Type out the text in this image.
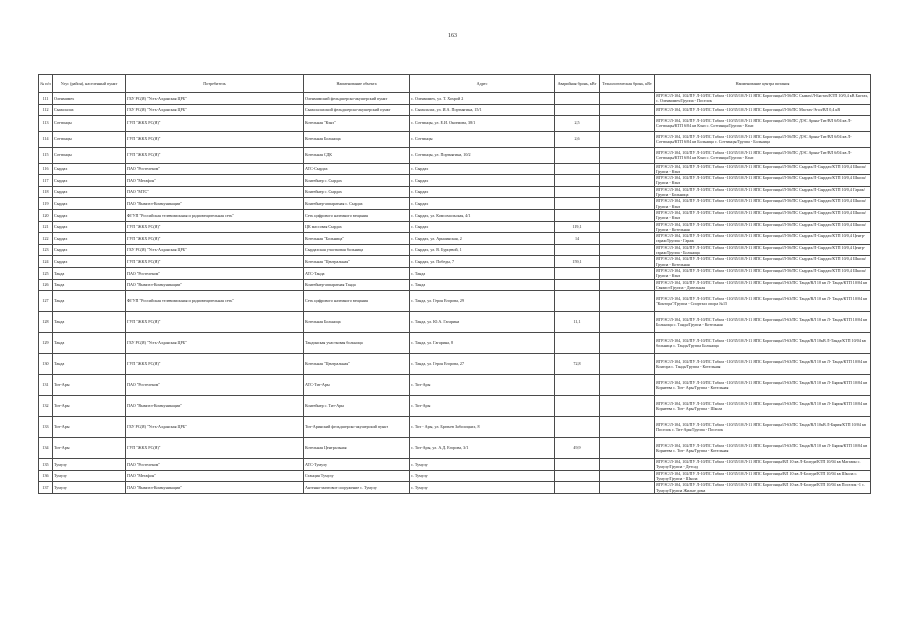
163
№ п/п	Улус (район), населенный пункт	Потребитель	Наименование объекта	Адрес	Аварийная бронь, кВт	Технологическая бронь, кВт	Наименование центра питания
111	Оленмимех	ГБУ РС(Я) "Усть-Алданская ЦРБ"	Оленмимский фельдшерско-акушерский пункт	с. Оленмимех, ул. Т. Хохрой 2			ЯГРЭС/Л-104, 102/ПУ Л-10/ПС Табага -110/35/10/Л-11 ЯПС Борогонцы/Л-56/ПС Сымах/Л-Бястах/КТП 10/0,4 кВ Бястах, с. Оленмимех/Группа - Поселок
112	Сымалалах	ГБУ РС(Я) "Усть-Алданская ЦРБ"	Сымалалахский фельдшерско-акушерский пункт	с. Сымалалах, ул. И.А. Портнягина, 15/1			ЯГРЭС/Л-104, 102/ПУ Л-10/ПС Табага -110/35/10/Л-11 ЯПС Борогонцы/Л-56/ПС Мастах-Эгол/ВЛ 0,4 кВ
113	Соттинцы	ГУП "ЖКХ РС(Я)"	Котельная "Кэнэ"	с. Соттинцы, ул. Е.И. Окоемова, 38/1	2,5		ЯГРЭС/Л-104, 102/ПУ Л-10/ПС Табага -110/35/10/Л-11 ЯПС Борогонцы/Л-56/ПС ДЭС Арыы-Тит/ВЛ 6/04 кв Л-Соттинцы/КТП 6/04 кв Кэнэ с. Соттинцы/Группа - Кэнэ
114	Соттинцы	ГУП "ЖКХ РС(Я)"	Котельная Больница	с. Соттинцы	2,6		ЯГРЭС/Л-104, 102/ПУ Л-10/ПС Табага -110/35/10/Л-11 ЯПС Борогонцы/Л-56/ПС ДЭС Арыы-Тит/ВЛ 6/04 кв Л-Соттинцы/КТП 6/04 кв Больница с. Соттинцы/Группа - Больница
115	Соттинцы	ГУП "ЖКХ РС(Я)"	Котельная СДК	с. Соттинцы, ул. Портнягина, 10/2			ЯГРЭС/Л-104, 102/ПУ Л-10/ПС Табага -110/35/10/Л-11 ЯПС Борогонцы/Л-56/ПС ДЭС Арыы-Тит/ВЛ 6/04 кв Л-Соттинцы/КТП 6/04 кв Кэнэ с. Соттинцы/Группа - Кэнэ
116	Сырдах	ПАО "Ростелеком"	АТС-Сырдах	с. Сырдах			ЯГРЭС/Л-104, 102/ПУ Л-10/ПС Табага -110/35/10/Л-11 ЯПС Борогонцы/Л-56/ПС Сырдах/Л-Сырдах/КТП 10/0,4 Школа/Группа - Кэнэ
117	Сырдах	ПАО "Мегафон"	Контейнер с. Сырдах	с. Сырдах			ЯГРЭС/Л-104, 102/ПУ Л-10/ПС Табага -110/35/10/Л-11 ЯПС Борогонцы/Л-56/ПС Сырдах/Л-Сырдах/КТП 10/0,4 Школа/Группа - Кэнэ
118	Сырдах	ПАО "МТС"	Контейнер с. Сырдах	с. Сырдах			ЯГРЭС/Л-104, 102/ПУ Л-10/ПС Табага -110/35/10/Л-11 ЯПС Борогонцы/Л-56/ПС Сырдах/Л-Сырдах/КТП 10/0,4 Гараж/Группа - Больница
119	Сырдах	ПАО "Вымпел-Коммуникации"	Контейнер-аппаратная с. Сырдах	с. Сырдах			ЯГРЭС/Л-104, 102/ПУ Л-10/ПС Табага -110/35/10/Л-11 ЯПС Борогонцы/Л-56/ПС Сырдах/Л-Сырдах/КТП 10/0,4 Школа/Группа - Кэнэ
120	Сырдах	ФГУП "Российская телевизионная и радиовещательная сеть"	Сеть цифрового наземного вещания	с. Сырдах, ул. Комсомольская, 4/1			ЯГРЭС/Л-104, 102/ПУ Л-10/ПС Табага -110/35/10/Л-11 ЯПС Борогонцы/Л-56/ПС Сырдах/Л-Сырдах/КТП 10/0,4 Школа/Группа - Кэнэ
121	Сырдах	ГУП "ЖКХ РС(Я)"	ЦК массовая Сырдах	с. Сырдах	119,1		ЯГРЭС/Л-104, 102/ПУ Л-10/ПС Табага -110/35/10/Л-11 ЯПС Борогонцы/Л-56/ПС Сырдах/Л-Сырдах/КТП 10/0,4 Школа/Группа - Котельная
122	Сырдах	ГУП "ЖКХ РС(Я)"	Котельная "Больница"	с. Сырдах, ул. Арыаинская, 2	14		ЯГРЭС/Л-104, 102/ПУ Л-10/ПС Табага -110/35/10/Л-11 ЯПС Борогонцы/Л-56/ПС Сырдах/Л-Сырдах/КТП 10/0,4 Центр-гараж/Группа - Гараж
123	Сырдах	ГБУ РС(Я) "Усть-Алданская ЦРБ"	Сырдахская участковая больница	с. Сырдах, ул. В. Бурцевой, 1			ЯГРЭС/Л-104, 102/ПУ Л-10/ПС Табага -110/35/10/Л-11 ЯПС Борогонцы/Л-56/ПС Сырдах/Л-Сырдах/КТП 10/0,4 Центр- гараж/Группа - Больница
124	Сырдах	ГУП "ЖКХ РС(Я)"	Котельная "Центральная"	с. Сырдах, ул. Победы, 7	159,1		ЯГРЭС/Л-104, 102/ПУ Л-10/ПС Табага -110/35/10/Л-11 ЯПС Борогонцы/Л-56/ПС Сырдах/Л-Сырдах/КТП 10/0,4 Школа/Группа - Котельная
125	Танда	ПАО "Ростелеком"	АТС-Танда	с. Танда			ЯГРЭС/Л-104, 102/ПУ Л-10/ПС Табага -110/35/10/Л-11 ЯПС Борогонцы/Л-56/ПС Сырдах/Л-Сырдах/КТП 10/0,4 Школа/Группа - Кэнэ
126	Танда	ПАО "Вымпел-Коммуникации"	Контейнер-аппаратная Танда	с. Танда			ЯГРЭС/Л-104, 102/ПУ Л-10/ПС Табага -110/35/10/Л-11 ЯПС Борогонцы/Л-63/ПС Танда/ВЛ 10 кв Л- Танда/КТП 10/04 кв Связист/Группа - Дизельная
127	Танда	ФГУП "Российская телевизионная и радиовещательная сеть"	Сеть цифрового наземного вещания	с. Танда, ул. Героя Егорова, 29			ЯГРЭС/Л-104, 102/ПУ Л-10/ПС Табага -110/35/10/Л-11 ЯПС Борогонцы/Л-63/ПС Танда/ВЛ 10 кв Л- Танда/КТП 10/04 кв "Контора"/Группа - Спортзал опора №15
128	Танда	ГУП "ЖКХ РС(Я)"	Котельная Больница	с. Танда, ул. Ю.А. Гагарина	11,1		ЯГРЭС/Л-104, 102/ПУ Л-10/ПС Табага -110/35/10/Л-11 ЯПС Борогонцы/Л-63/ПС Танда/ВЛ 10 кв Л- Танда/КТП 10/04 кв Больница с. Танда/Группа - Котельная
129	Танда	ГБУ РС(Я) "Усть-Алданская ЦРБ"	Тандинская участковая больница	с. Танда, ул. Гагарина, 8			ЯГРЭС/Л-104, 102/ПУ Л-10/ПС Табага -110/35/10/Л-11 ЯПС Борогонцы/Л-63/ПС Танда/ВЛ 10кВ Л-Танда/КТП 10/04 кв больница с. Танда/Группа Больница
130	Танда	ГУП "ЖКХ РС(Я)"	Котельная "Центральная"	с. Танда, ул. Героя Егорова, 27	72,8		ЯГРЭС/Л-104, 102/ПУ Л-10/ПС Табага -110/35/10/Л-11 ЯПС Борогонцы/Л-63/ПС Танда/ВЛ 10 кв Л- Танда/КТП 10/04 кв Контора с. Танда/Группа - Котельная
131	Тит-Ары	ПАО "Ростелеком"	АТС-Тит-Ары	с. Тит-Ары			ЯГРЭС/Л-104, 102/ПУ Л-10/ПС Табага -110/35/10/Л-11 ЯПС Борогонцы/Л-63/ПС Танда/ВЛ 10 кв Л- Бярия/КТП 10/04 кв Корнеева с. Тит- Ары/Группа - Котельная
132	Тит-Ары	ПАО "Вымпел-Коммуникации"	Контейнер с. Тит-Ары	с. Тит-Ары			ЯГРЭС/Л-104, 102/ПУ Л-10/ПС Табага -110/35/10/Л-11 ЯПС Борогонцы/Л-63/ПС Танда/ВЛ 10 кв Л- Бярия/КТП 10/04 кв Корнеева с. Тит- Ары/Группа - Школа
133	Тит-Ары	ГБУ РС(Я) "Усть-Алданская ЦРБ"	Тит-Аринский фельдшерско-акушерский пункт	с. Тит - Ары, ул. Братьев Заболоцких, 8			ЯГРЭС/Л-104, 102/ПУ Л-10/ПС Табага -110/35/10/Л-11 ЯПС Борогонцы/Л-63/ПС Танда/ВЛ 10кВ Л-Бярия/КТП 10/04 кв Поселок с. Тит-Ары/Группа - Поселок
134	Тит-Ары	ГУП "ЖКХ РС(Я)"	Котельная Центральная	с. Тит-Ары, ул. А.Д. Егорова, 3/1	49,9		ЯГРЭС/Л-104, 102/ПУ Л-10/ПС Табага -110/35/10/Л-11 ЯПС Борогонцы/Л-63/ПС Танда/ВЛ 10 кв Л- Бярия/КТП 10/04 кв Корнеева с. Тит- Ары/Группа - Котельная
135	Тумулу	ПАО "Ростелеком"	АТС-Тумулу	с. Тумулу			ЯГРЭС/Л-104, 102/ПУ Л-10/ПС Табага -110/35/10/Л-11 ЯПС Борогонцы/ВЛ 10 кв Л-Боледи/КТП 10/04 кв Магазин с. Тумулу/Группа - Детсад
136	Тумулу	ПАО "Мегафон"	Станция Тумулу	с. Тумулу			ЯГРЭС/Л-104, 102/ПУ Л-10/ПС Табага -110/35/10/Л-11 ЯПС Борогонцы/ВЛ 10 кв Л-Боледи/КТП 10/04 кв Школа с. Тумулу/Группа - Школа
137	Тумулу	ПАО "Вымпел-Коммуникации"	Антенно-мачтовое сооружение с. Тумулу	с. Тумулу			ЯГРЭС/Л-104, 102/ПУ Л-10/ПС Табага -110/35/10/Л-11 ЯПС Борогонцы/ВЛ 10 кв Л-Боледи/КТП 10/04 кв Поселок -1 с. Тумулу/Группа Жилые дома
